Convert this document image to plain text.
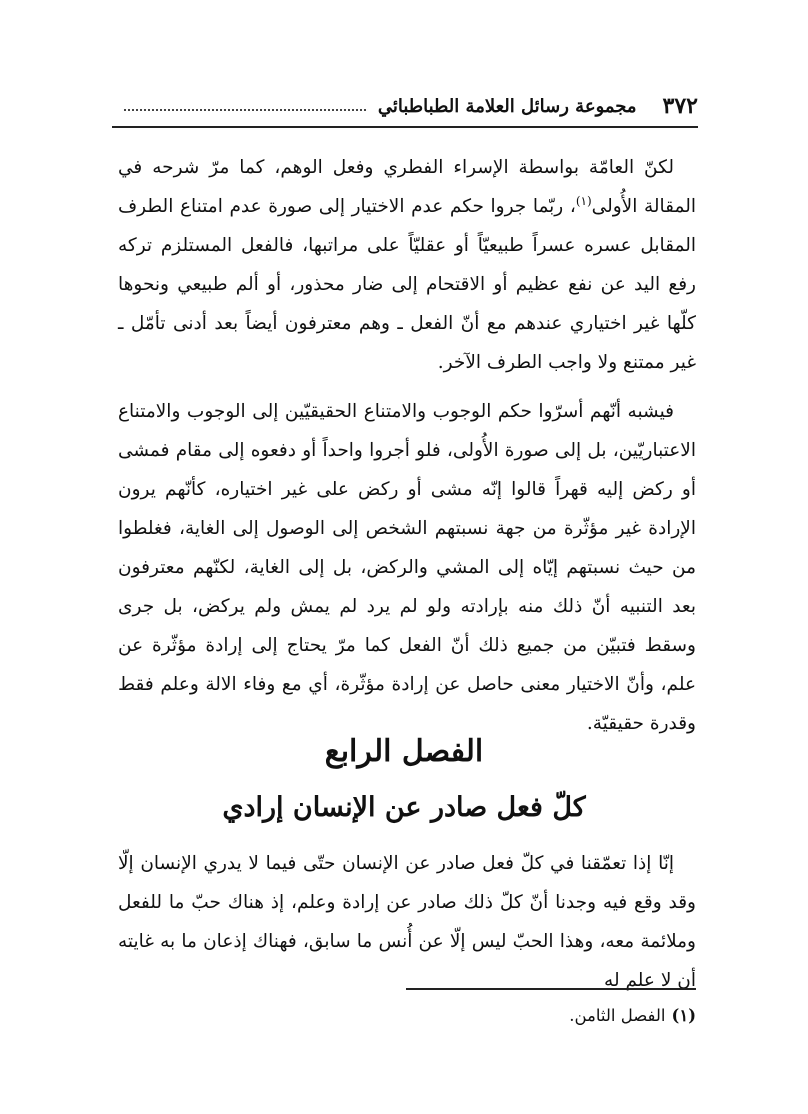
٣٧٢
مجموعة رسائل العلامة الطباطبائي

لكنّ العامّة بواسطة الإسراء الفطري وفعل الوهم، كما مرّ شرحه في المقالة الأُولى$^{(١)}$، ربّما جروا حكم عدم الاختيار إلى صورة عدم امتناع الطرف المقابل عسره عسراً طبيعيّاً أو عقليّاً على مراتبها، فالفعل المستلزم تركه رفع اليد عن نفع عظيم أو الاقتحام إلى ضار محذور، أو ألم طبيعي ونحوها كلّها غير اختياري عندهم مع أنّ الفعل ـ وهم معترفون أيضاً بعد أدنى تأمّل ـ غير ممتنع ولا واجب الطرف الآخر.

فيشبه أنّهم أسرّوا حكم الوجوب والامتناع الحقيقيّين إلى الوجوب والامتناع الاعتباريّين، بل إلى صورة الأُولى، فلو أجروا واحداً أو دفعوه إلى مقام فمشى أو ركض إليه قهراً قالوا إنّه مشى أو ركض على غير اختياره، كأنّهم يرون الإرادة غير مؤثّرة من جهة نسبتهم الشخص إلى الوصول إلى الغاية، فغلطوا من حيث نسبتهم إيّاه إلى المشي والركض، بل إلى الغاية، لكنّهم معترفون بعد التنبيه أنّ ذلك منه بإرادته ولو لم يرد لم يمش ولم يركض، بل جرى وسقط فتبيّن من جميع ذلك أنّ الفعل كما مرّ يحتاج إلى إرادة مؤثّرة عن علم، وأنّ الاختيار معنى حاصل عن إرادة مؤثّرة، أي مع وفاء الالة وعلم فقط وقدرة حقيقيّة.

الفصل الرابع
كلّ فعل صادر عن الإنسان إرادي

إنّا إذا تعمّقنا في كلّ فعل صادر عن الإنسان حتّى فيما لا يدري الإنسان إلّا وقد وقع فيه وجدنا أنّ كلّ ذلك صادر عن إرادة وعلم، إذ هناك حبّ ما للفعل وملائمة معه، وهذا الحبّ ليس إلّا عن أُنس ما سابق، فهناك إذعان ما به غايته أن لا علم له

(١)الفصل الثامن.
